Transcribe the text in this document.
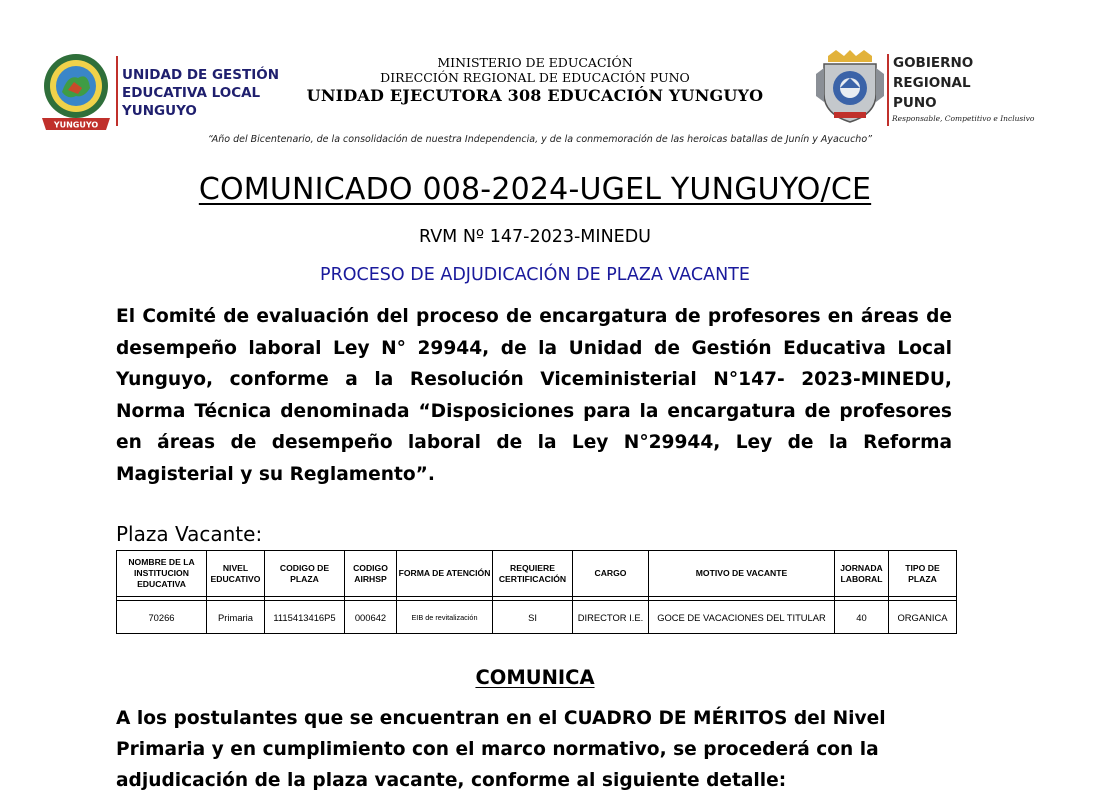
YUNGUYO
UNIDAD DE GESTIÓN
EDUCATIVA LOCAL
YUNGUYO
MINISTERIO DE EDUCACIÓN
DIRECCIÓN REGIONAL DE EDUCACIÓN PUNO
UNIDAD EJECUTORA 308 EDUCACIÓN YUNGUYO
GOBIERNO
REGIONAL
PUNO
Responsable, Competitivo e Inclusivo
“Año del Bicentenario, de la consolidación de nuestra Independencia, y de la conmemoración de las heroicas batallas de Junín y Ayacucho”
COMUNICADO 008-2024-UGEL YUNGUYO/CE
RVM Nº 147-2023-MINEDU
PROCESO DE ADJUDICACIÓN DE PLAZA VACANTE
El Comité de evaluación del proceso de encargatura de profesores en áreas de desempeño laboral Ley N° 29944, de la Unidad de Gestión Educativa Local Yunguyo, conforme a la Resolución Viceministerial N°147- 2023-MINEDU, Norma Técnica denominada “Disposiciones para la encargatura de profesores en áreas de desempeño laboral de la Ley N°29944, Ley de la Reforma Magisterial y su Reglamento”.
Plaza Vacante:
NOMBRE DE LA INSTITUCION EDUCATIVA	NIVEL EDUCATIVO	CODIGO DE PLAZA	CODIGO AIRHSP	FORMA DE ATENCIÓN	REQUIERE CERTIFICACIÓN	CARGO	MOTIVO DE VACANTE	JORNADA LABORAL	TIPO DE PLAZA

70266	Primaria	1115413416P5	000642	EIB de revitalización	SI	DIRECTOR I.E.	GOCE DE VACACIONES DEL TITULAR	40	ORGANICA
COMUNICA
A los postulantes que se encuentran en el CUADRO DE MÉRITOS del Nivel Primaria y en cumplimiento con el marco normativo, se procederá con la adjudicación de la plaza vacante, conforme al siguiente detalle:
